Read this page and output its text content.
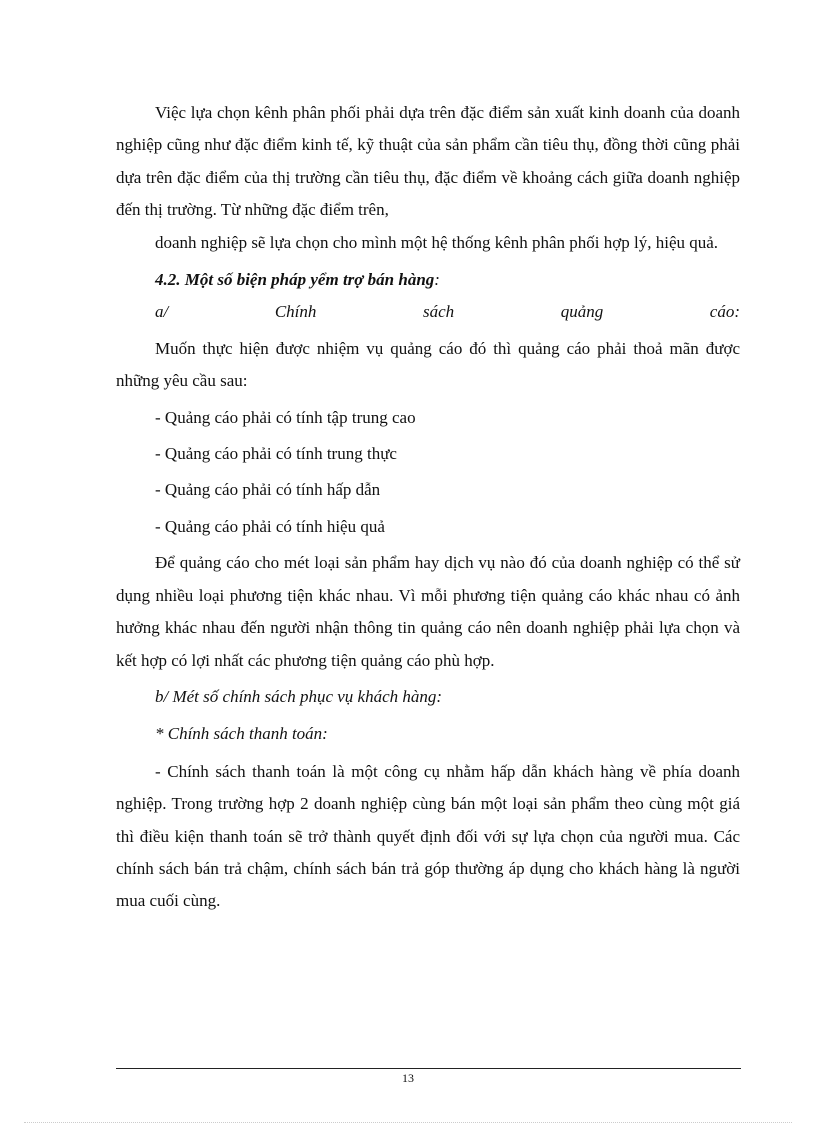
Việc lựa chọn kênh phân phối phải dựa trên đặc điểm sản xuất kinh doanh của doanh nghiệp cũng như đặc điểm kinh tế, kỹ thuật của sản phẩm cần tiêu thụ, đồng thời cũng phải dựa trên đặc điểm của thị trường cần tiêu thụ, đặc điểm về khoảng cách giữa doanh nghiệp đến thị trường. Từ những đặc điểm trên,

doanh nghiệp sẽ lựa chọn cho mình một hệ thống kênh phân phối hợp lý, hiệu quả.

4.2. Một số biện pháp yểm trợ bán hàng:

a/	Chính	sách	quảng	cáo:

Muốn thực hiện được nhiệm vụ quảng cáo đó thì quảng cáo phải thoả mãn được những yêu cầu sau:

- Quảng cáo phải có tính tập trung cao

- Quảng cáo phải có tính trung thực

- Quảng cáo phải có tính hấp dẫn

- Quảng cáo phải có tính hiệu quả

Để quảng cáo cho mét loại sản phẩm hay dịch vụ nào đó của doanh nghiệp có thể sử dụng nhiều loại phương tiện khác nhau. Vì mỗi phương tiện quảng cáo khác nhau có ảnh hưởng khác nhau đến người nhận thông tin quảng cáo nên doanh nghiệp phải lựa chọn và kết hợp có lợi nhất các phương tiện quảng cáo phù hợp.

b/ Mét số chính sách phục vụ khách hàng:

* Chính sách thanh toán:

- Chính sách thanh toán là một công cụ nhằm hấp dẫn khách hàng về phía doanh nghiệp. Trong trường hợp 2 doanh nghiệp cùng bán một loại sản phẩm theo cùng một giá thì điều kiện thanh toán sẽ trở thành quyết định đối với sự lựa chọn của người mua. Các chính sách bán trả chậm, chính sách bán trả góp thường áp dụng cho khách hàng là người mua cuối cùng.

13
